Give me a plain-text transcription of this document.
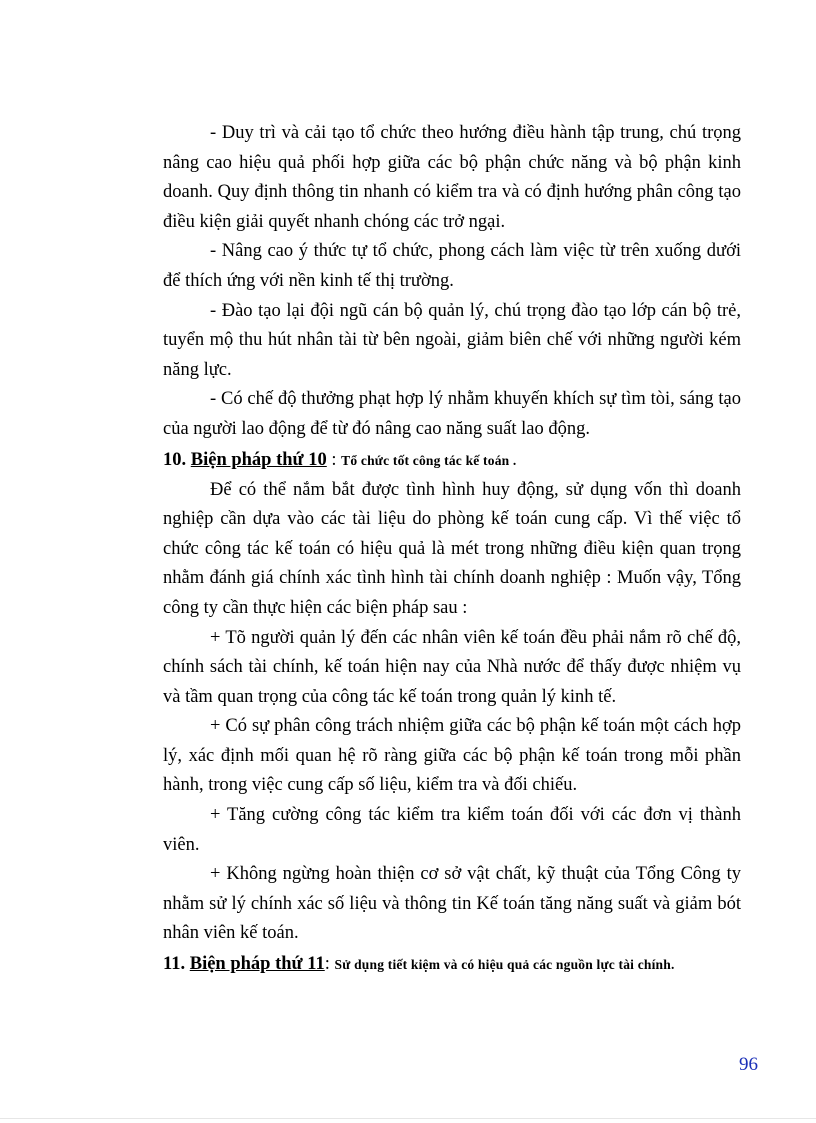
- Duy trì và cải tạo tổ chức theo hướng điều hành tập trung, chú trọng nâng cao hiệu quả phối hợp giữa các bộ phận chức năng và bộ phận kinh doanh. Quy định thông tin nhanh có kiểm tra và có định hướng phân công tạo điều kiện giải quyết nhanh chóng các trở ngại.

- Nâng cao ý thức tự tổ chức, phong cách làm việc từ trên xuống dưới để thích ứng với nền kinh tế thị trường.

- Đào tạo lại đội ngũ cán bộ quản lý, chú trọng đào tạo lớp cán bộ trẻ, tuyển mộ thu hút nhân tài từ bên ngoài, giảm biên chế với những người kém năng lực.

- Có chế độ thưởng phạt hợp lý nhằm khuyến khích sự tìm tòi, sáng tạo của người lao động để từ đó nâng cao năng suất lao động.

10. Biện pháp thứ 10 : Tổ chức tốt công tác kế toán .

Để có thể nắm bắt được tình hình huy động, sử dụng vốn thì doanh nghiệp cần dựa vào các tài liệu do phòng kế toán cung cấp. Vì thế việc tổ chức công tác kế toán có hiệu quả là mét trong những điều kiện quan trọng nhằm đánh giá chính xác tình hình tài chính doanh nghiệp : Muốn vậy, Tổng công ty cần thực hiện các biện pháp sau :

+ Tõ người quản lý đến các nhân viên kế toán đều phải nắm rõ chế độ, chính sách tài chính, kế toán hiện nay của Nhà nước để thấy được nhiệm vụ và tầm quan trọng của công tác kế toán trong quản lý kinh tế.

+ Có sự phân công trách nhiệm giữa các bộ phận kế toán một cách hợp lý, xác định mối quan hệ rõ ràng giữa các bộ phận kế toán trong mỗi phần hành, trong việc cung cấp số liệu, kiểm tra và đối chiếu.

+ Tăng cường công tác kiểm tra kiểm toán đối với các đơn vị thành viên.

+ Không ngừng hoàn thiện cơ sở vật chất, kỹ thuật của Tổng Công ty nhằm sử lý chính xác số liệu và thông tin Kế toán tăng năng suất và giảm bót nhân viên kế toán.

11. Biện pháp thứ 11: Sử dụng tiết kiệm và có hiệu quả các nguồn lực tài chính.

96
